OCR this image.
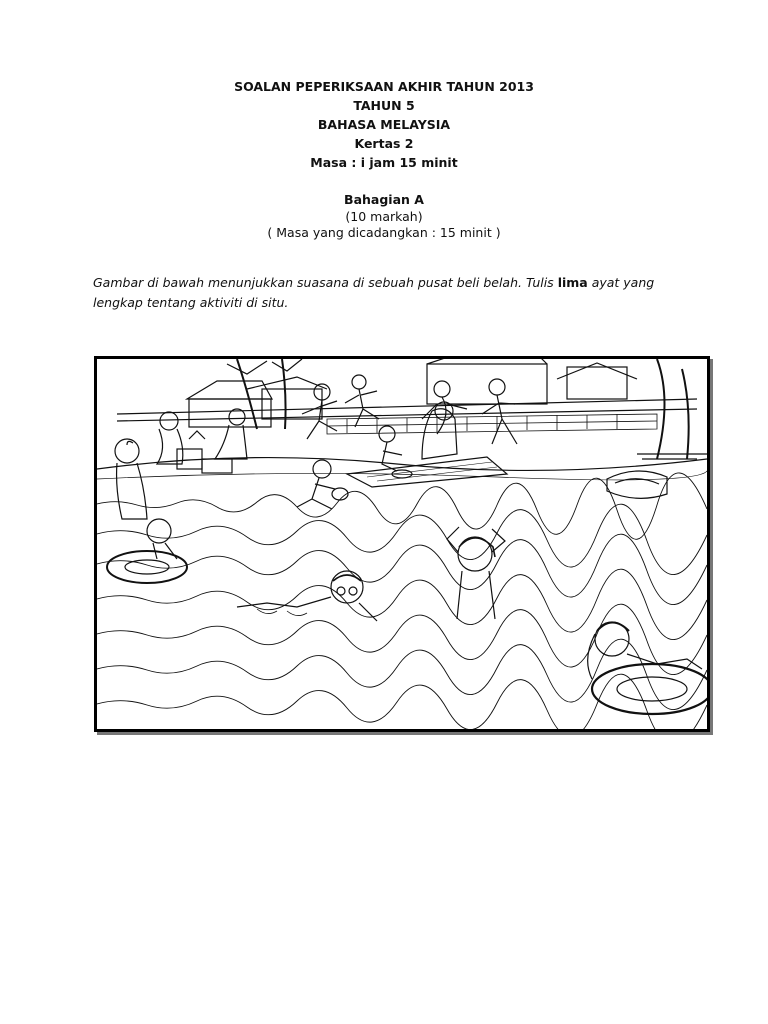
SOALAN PEPERIKSAAN AKHIR TAHUN 2013
TAHUN 5
BAHASA MELAYSIA
Kertas 2
Masa : i jam 15 minit
Bahagian A
(10 markah)
( Masa yang dicadangkan : 15 minit )
Gambar di bawah menunjukkan suasana di sebuah pusat beli belah. Tulis lima ayat yang lengkap tentang aktiviti di situ.
